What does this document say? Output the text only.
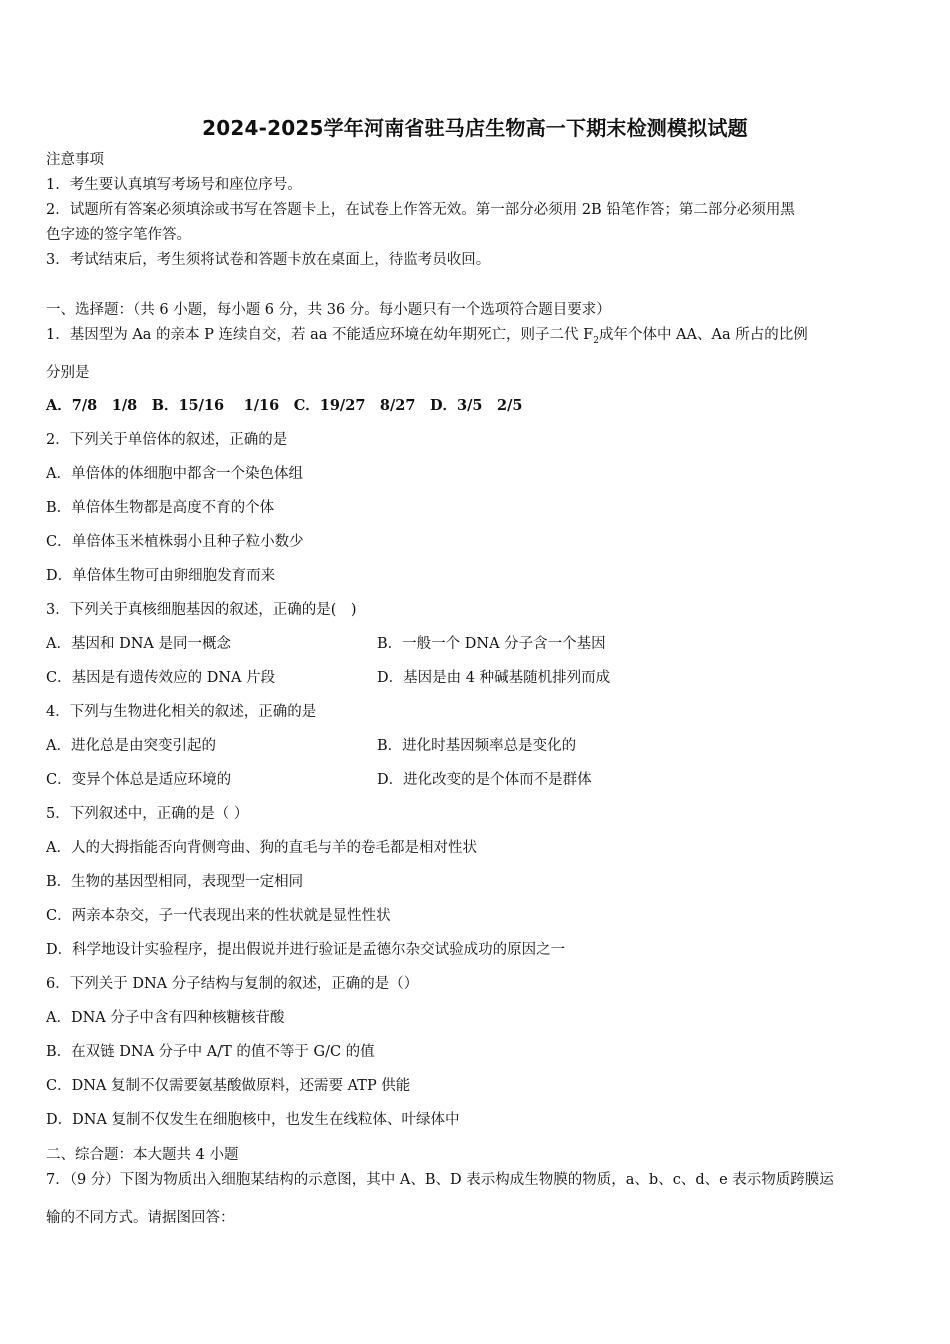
2024-2025学年河南省驻马店生物高一下期末检测模拟试题
注意事项
1．考生要认真填写考场号和座位序号。
2．试题所有答案必须填涂或书写在答题卡上，在试卷上作答无效。第一部分必须用 2B 铅笔作答；第二部分必须用黑
色字迹的签字笔作答。
3．考试结束后，考生须将试卷和答题卡放在桌面上，待监考员收回。
一、选择题：（共 6 小题，每小题 6 分，共 36 分。每小题只有一个选项符合题目要求）
1．基因型为 Aa 的亲本 P 连续自交，若 aa 不能适应环境在幼年期死亡，则子二代 $F_2$成年个体中 AA、Aa 所占的比例
分别是
A．7/8　1/8　B．15/16　 1/16　C．19/27　8/27　D．3/5　2/5
2．下列关于单倍体的叙述，正确的是
A．单倍体的体细胞中都含一个染色体组
B．单倍体生物都是高度不育的个体
C．单倍体玉米植株弱小且种子粒小数少
D．单倍体生物可由卵细胞发育而来
3．下列关于真核细胞基因的叙述，正确的是(　)
A．基因和 DNA 是同一概念	B．一般一个 DNA 分子含一个基因
C．基因是有遗传效应的 DNA 片段	D．基因是由 4 种碱基随机排列而成
4．下列与生物进化相关的叙述，正确的是
A．进化总是由突变引起的	B．进化时基因频率总是变化的
C．变异个体总是适应环境的	D．进化改变的是个体而不是群体
5．下列叙述中，正确的是（ ）
A．人的大拇指能否向背侧弯曲、狗的直毛与羊的卷毛都是相对性状
B．生物的基因型相同，表现型一定相同
C．两亲本杂交，子一代表现出来的性状就是显性性状
D．科学地设计实验程序，提出假说并进行验证是孟德尔杂交试验成功的原因之一
6．下列关于 DNA 分子结构与复制的叙述，正确的是（）
A．DNA 分子中含有四种核糖核苷酸
B．在双链 DNA 分子中 A/T 的值不等于 G/C 的值
C．DNA 复制不仅需要氨基酸做原料，还需要 ATP 供能
D．DNA 复制不仅发生在细胞核中，也发生在线粒体、叶绿体中
二、综合题：本大题共 4 小题
7．（9 分）下图为物质出入细胞某结构的示意图，其中 A、B、D 表示构成生物膜的物质，a、b、c、d、e 表示物质跨膜运
输的不同方式。请据图回答：
